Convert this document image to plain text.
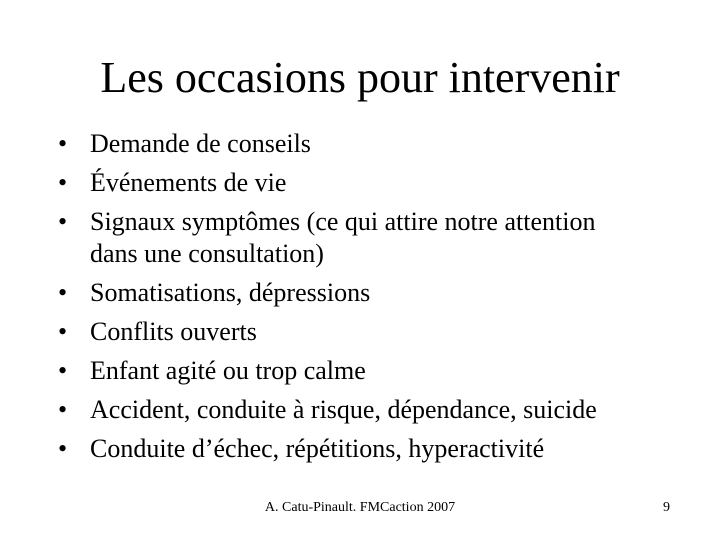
Les occasions pour intervenir
• Demande de conseils
• Événements de vie
• Signaux symptômes (ce qui attire notre attention
dans une consultation)
• Somatisations, dépressions
• Conflits ouverts
• Enfant agité ou trop calme
• Accident, conduite à risque, dépendance, suicide
• Conduite d’échec, répétitions, hyperactivité
A. Catu-Pinault. FMCaction 2007	9
